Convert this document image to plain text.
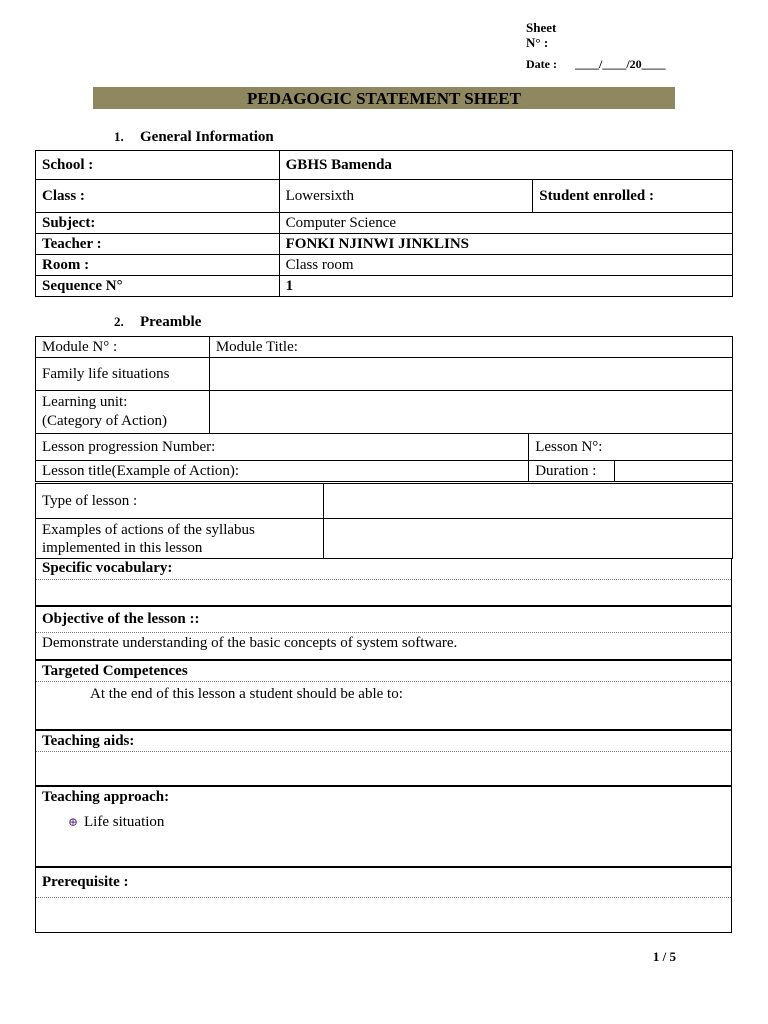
Sheet
N° :
Date : ____/____/20____
PEDAGOGIC STATEMENT SHEET
1. General Information
School :	GBHS Bamenda	
Class :	Lowersixth	Student enrolled :
Subject:	Computer Science	
Teacher :	FONKI NJINWI JINKLINS	
Room :	Class room	
Sequence N°	1	
2. Preamble
Module N° :	Module Title:		
Family life situations			

Learning unit:
(Category of Action)			

Lesson progression Number:		Lesson N°:	
Lesson title(Example of Action):		Duration :	
Type of lesson :	

Examples of actions of the syllabus
implemented in this lesson	

Specific vocabulary:
Objective of the lesson ::
Demonstrate understanding of the basic concepts of system software.
Targeted Competences
At the end of this lesson a student should be able to:
Teaching aids:
Teaching approach:
⊕ Life situation
Prerequisite :
1 / 5
